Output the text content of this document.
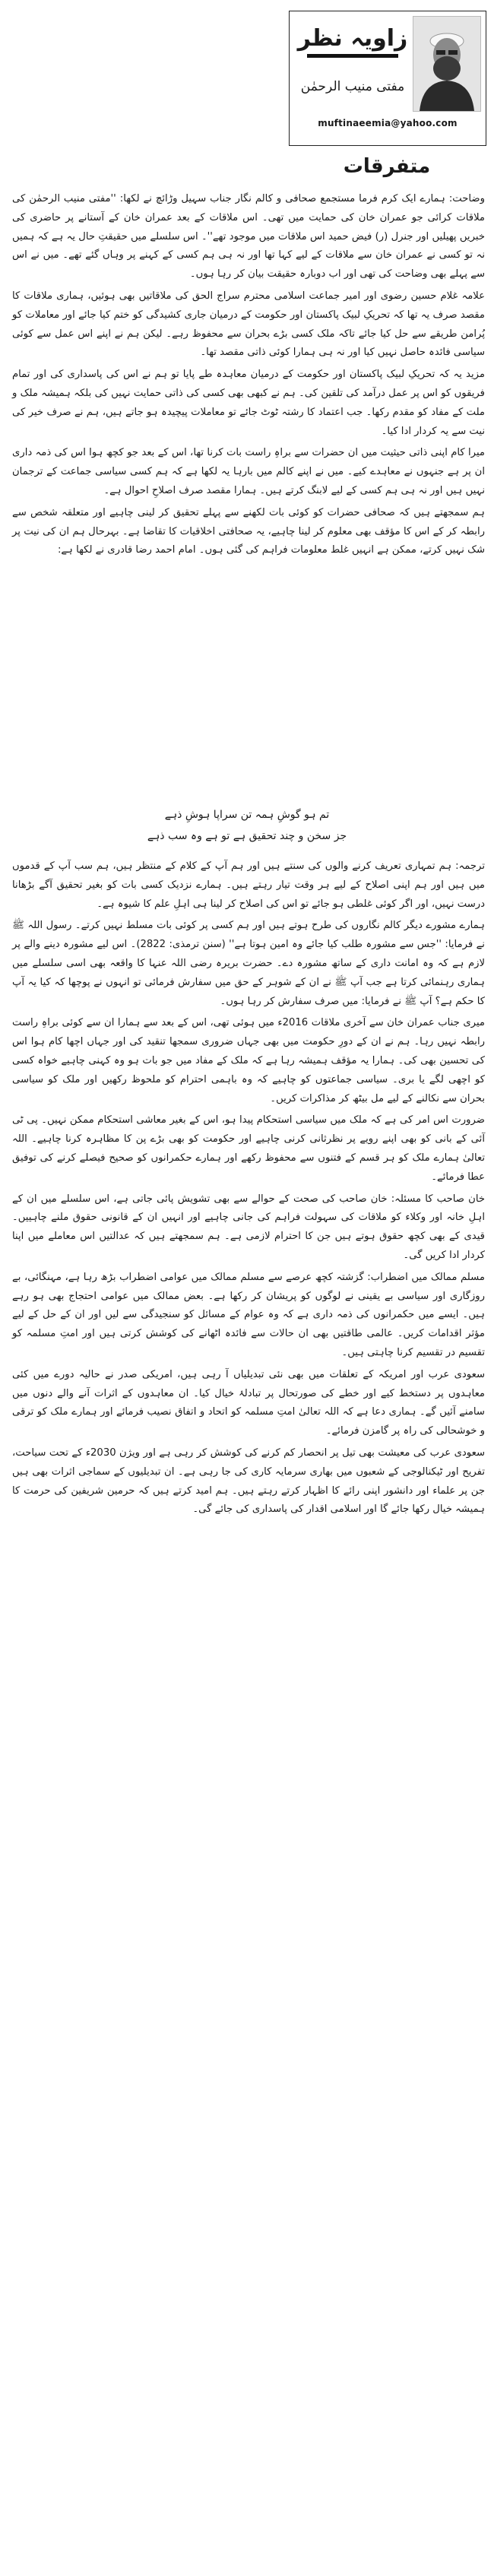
زاویہ نظر
مفتی منیب الرحمٰن
muftinaeemia@yahoo.com
متفرقات

وضاحت: ہمارے ایک کرم فرما مستجمع صحافی و کالم نگار جناب سہیل وڑائچ نے لکھا: ''مفتی منیب الرحمٰن کی ملاقات کرائی جو عمران خان کی حمایت میں تھی۔ اس ملاقات کے بعد عمران خان کے آستانے پر حاضری کی خبریں پھیلیں اور جنرل (ر) فیض حمید اس ملاقات میں موجود تھے''۔ اس سلسلے میں حقیقتِ حال یہ ہے کہ ہمیں نہ تو کسی نے عمران خان سے ملاقات کے لیے کہا تھا اور نہ ہی ہم کسی کے کہنے پر وہاں گئے تھے۔ میں نے اس سے پہلے بھی وضاحت کی تھی اور اب دوبارہ حقیقت بیان کر رہا ہوں۔

علامہ غلام حسین رضوی اور امیر جماعت اسلامی محترم سراج الحق کی ملاقاتیں بھی ہوئیں، ہماری ملاقات کا مقصد صرف یہ تھا کہ تحریکِ لبیک پاکستان اور حکومت کے درمیان جاری کشیدگی کو ختم کیا جائے اور معاملات کو پُرامن طریقے سے حل کیا جائے تاکہ ملک کسی بڑے بحران سے محفوظ رہے۔ لیکن ہم نے اپنے اس عمل سے کوئی سیاسی فائدہ حاصل نہیں کیا اور نہ ہی ہمارا کوئی ذاتی مقصد تھا۔

مزید یہ کہ تحریکِ لبیک پاکستان اور حکومت کے درمیان معاہدہ طے پایا تو ہم نے اس کی پاسداری کی اور تمام فریقوں کو اس پر عمل درآمد کی تلقین کی۔ ہم نے کبھی بھی کسی کی ذاتی حمایت نہیں کی بلکہ ہمیشہ ملک و ملت کے مفاد کو مقدم رکھا۔ جب اعتماد کا رشتہ ٹوٹ جائے تو معاملات پیچیدہ ہو جاتے ہیں، ہم نے صرف خیر کی نیت سے یہ کردار ادا کیا۔

میرا کام اپنی ذاتی حیثیت میں ان حضرات سے براہِ راست بات کرنا تھا، اس کے بعد جو کچھ ہوا اس کی ذمہ داری ان پر ہے جنہوں نے معاہدے کیے۔ میں نے اپنے کالم میں بارہا یہ لکھا ہے کہ ہم کسی سیاسی جماعت کے ترجمان نہیں ہیں اور نہ ہی ہم کسی کے لیے لابنگ کرتے ہیں۔ ہمارا مقصد صرف اصلاحِ احوال ہے۔

ہم سمجھتے ہیں کہ صحافی حضرات کو کوئی بات لکھنے سے پہلے تحقیق کر لینی چاہیے اور متعلقہ شخص سے رابطہ کر کے اس کا مؤقف بھی معلوم کر لینا چاہیے، یہ صحافتی اخلاقیات کا تقاضا ہے۔ بہرحال ہم ان کی نیت پر شک نہیں کرتے، ممکن ہے انہیں غلط معلومات فراہم کی گئی ہوں۔ امام احمد رضا قادری نے لکھا ہے:

تم ہو گوشِ ہمہ تن سراپا ہوشِ ذہے
جز سخن و چند تحقیق ہے تو ہے وہ سب ذہے

ترجمہ: ہم تمہاری تعریف کرنے والوں کی سنتے ہیں اور ہم آپ کے کلام کے منتظر ہیں، ہم سب آپ کے قدموں میں ہیں اور ہم اپنی اصلاح کے لیے ہر وقت تیار رہتے ہیں۔ ہمارے نزدیک کسی بات کو بغیر تحقیق آگے بڑھانا درست نہیں، اور اگر کوئی غلطی ہو جائے تو اس کی اصلاح کر لینا ہی اہلِ علم کا شیوہ ہے۔

ہمارے مشورے دیگر کالم نگاروں کی طرح ہوتے ہیں اور ہم کسی پر کوئی بات مسلط نہیں کرتے۔ رسول اللہ ﷺ نے فرمایا: ''جس سے مشورہ طلب کیا جائے وہ امین ہوتا ہے'' (سنن ترمذی: 2822)۔ اس لیے مشورہ دینے والے پر لازم ہے کہ وہ امانت داری کے ساتھ مشورہ دے۔ حضرت بریرہ رضی اللہ عنہا کا واقعہ بھی اسی سلسلے میں ہماری رہنمائی کرتا ہے جب آپ ﷺ نے ان کے شوہر کے حق میں سفارش فرمائی تو انہوں نے پوچھا کہ کیا یہ آپ کا حکم ہے؟ آپ ﷺ نے فرمایا: میں صرف سفارش کر رہا ہوں۔

میری جناب عمران خان سے آخری ملاقات 2016ء میں ہوئی تھی، اس کے بعد سے ہمارا ان سے کوئی براہِ راست رابطہ نہیں رہا۔ ہم نے ان کے دورِ حکومت میں بھی جہاں ضروری سمجھا تنقید کی اور جہاں اچھا کام ہوا اس کی تحسین بھی کی۔ ہمارا یہ مؤقف ہمیشہ رہا ہے کہ ملک کے مفاد میں جو بات ہو وہ کہنی چاہیے خواہ کسی کو اچھی لگے یا بری۔ سیاسی جماعتوں کو چاہیے کہ وہ باہمی احترام کو ملحوظ رکھیں اور ملک کو سیاسی بحران سے نکالنے کے لیے مل بیٹھ کر مذاکرات کریں۔

ضرورت اس امر کی ہے کہ ملک میں سیاسی استحکام پیدا ہو، اس کے بغیر معاشی استحکام ممکن نہیں۔ پی ٹی آئی کے بانی کو بھی اپنے رویے پر نظرثانی کرنی چاہیے اور حکومت کو بھی بڑے پن کا مظاہرہ کرنا چاہیے۔ اللہ تعالیٰ ہمارے ملک کو ہر قسم کے فتنوں سے محفوظ رکھے اور ہمارے حکمرانوں کو صحیح فیصلے کرنے کی توفیق عطا فرمائے۔

خان صاحب کا مسئلہ: خان صاحب کی صحت کے حوالے سے بھی تشویش پائی جاتی ہے، اس سلسلے میں ان کے اہلِ خانہ اور وکلاء کو ملاقات کی سہولت فراہم کی جانی چاہیے اور انہیں ان کے قانونی حقوق ملنے چاہییں۔ قیدی کے بھی کچھ حقوق ہوتے ہیں جن کا احترام لازمی ہے۔ ہم سمجھتے ہیں کہ عدالتیں اس معاملے میں اپنا کردار ادا کریں گی۔

مسلم ممالک میں اضطراب: گزشتہ کچھ عرصے سے مسلم ممالک میں عوامی اضطراب بڑھ رہا ہے، مہنگائی، بے روزگاری اور سیاسی بے یقینی نے لوگوں کو پریشان کر رکھا ہے۔ بعض ممالک میں عوامی احتجاج بھی ہو رہے ہیں۔ ایسے میں حکمرانوں کی ذمہ داری ہے کہ وہ عوام کے مسائل کو سنجیدگی سے لیں اور ان کے حل کے لیے مؤثر اقدامات کریں۔ عالمی طاقتیں بھی ان حالات سے فائدہ اٹھانے کی کوشش کرتی ہیں اور امتِ مسلمہ کو تقسیم در تقسیم کرنا چاہتی ہیں۔

سعودی عرب اور امریکہ کے تعلقات میں بھی نئی تبدیلیاں آ رہی ہیں، امریکی صدر نے حالیہ دورے میں کئی معاہدوں پر دستخط کیے اور خطے کی صورتحال پر تبادلۂ خیال کیا۔ ان معاہدوں کے اثرات آنے والے دنوں میں سامنے آئیں گے۔ ہماری دعا ہے کہ اللہ تعالیٰ امتِ مسلمہ کو اتحاد و اتفاق نصیب فرمائے اور ہمارے ملک کو ترقی و خوشحالی کی راہ پر گامزن فرمائے۔

سعودی عرب کی معیشت بھی تیل پر انحصار کم کرنے کی کوشش کر رہی ہے اور ویژن 2030ء کے تحت سیاحت، تفریح اور ٹیکنالوجی کے شعبوں میں بھاری سرمایہ کاری کی جا رہی ہے۔ ان تبدیلیوں کے سماجی اثرات بھی ہیں جن پر علماء اور دانشور اپنی رائے کا اظہار کرتے رہتے ہیں۔ ہم امید کرتے ہیں کہ حرمین شریفین کی حرمت کا ہمیشہ خیال رکھا جائے گا اور اسلامی اقدار کی پاسداری کی جائے گی۔
